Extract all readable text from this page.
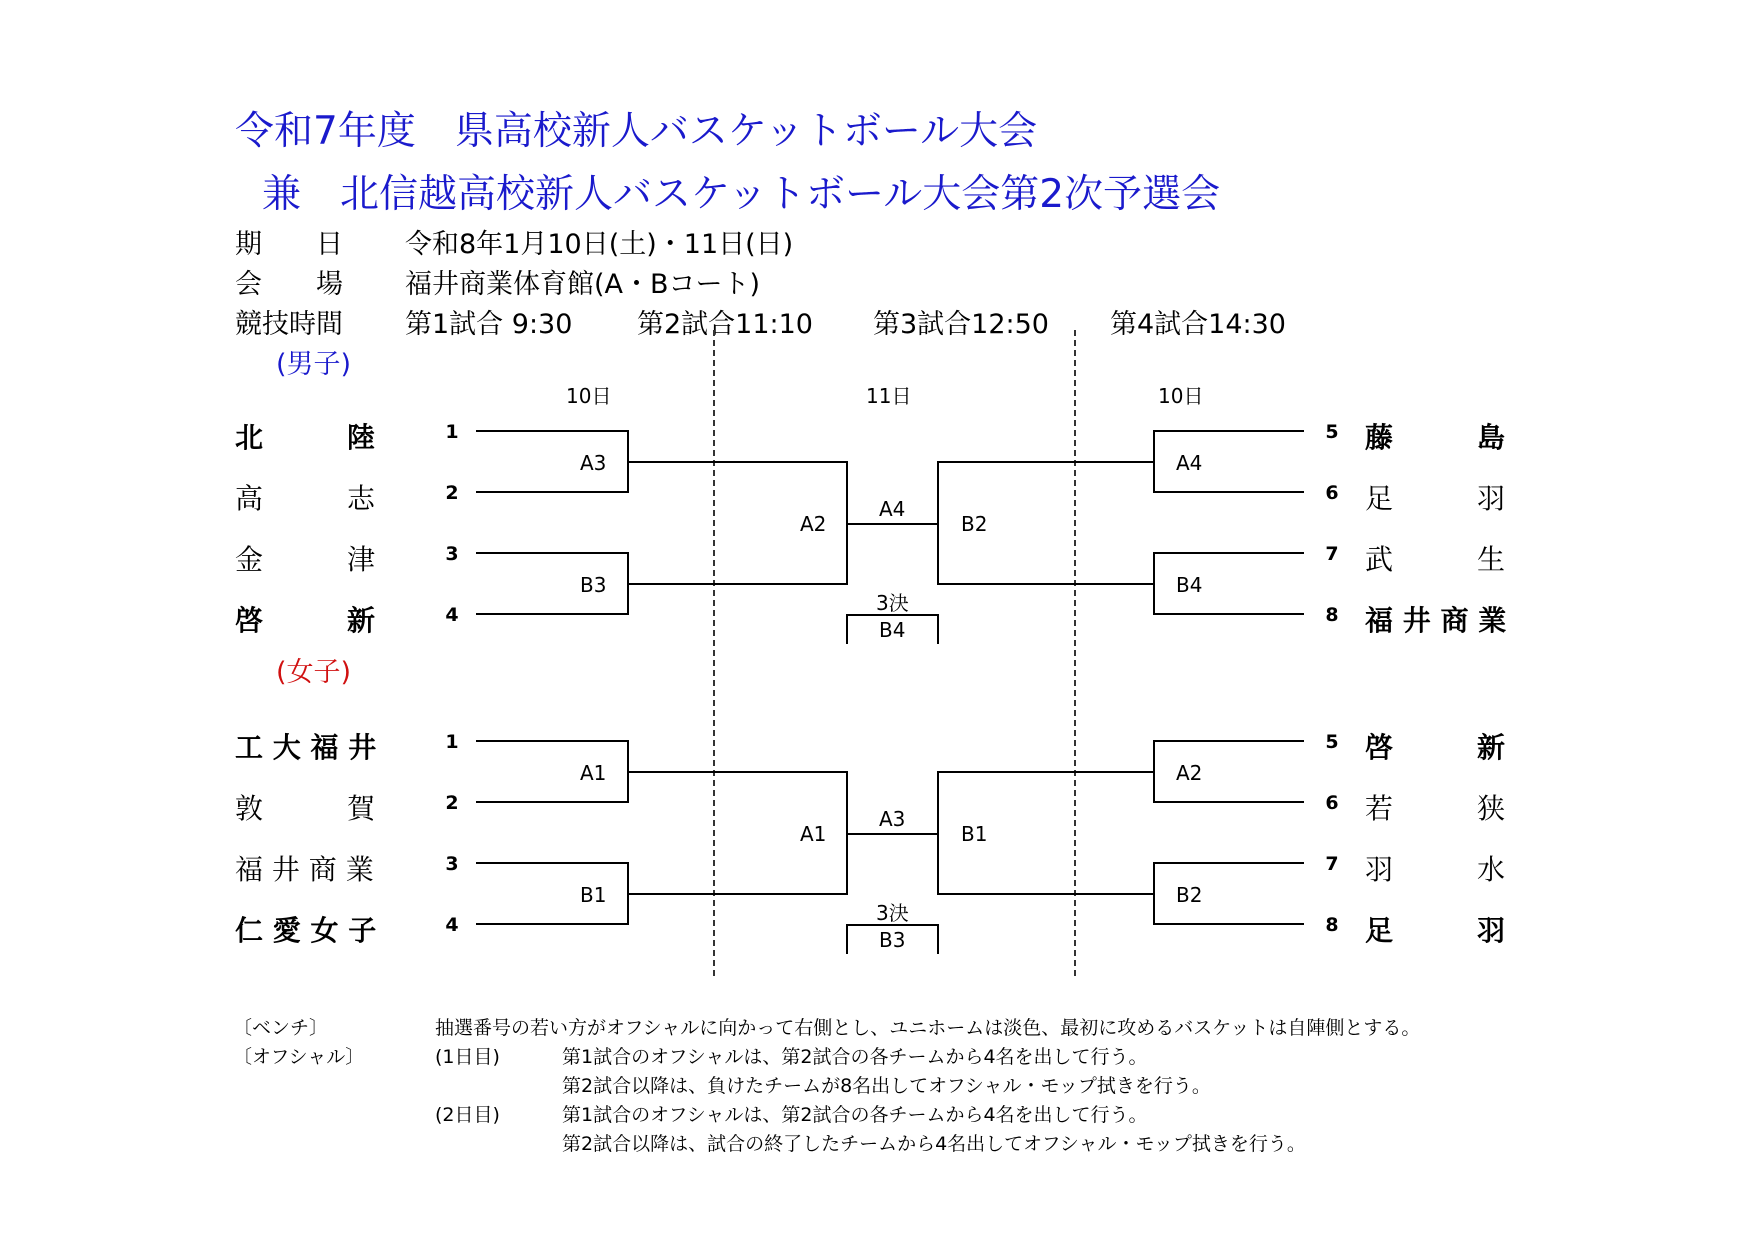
令和7年度　県高校新人バスケットボール大会
兼　北信越高校新人バスケットボール大会第2次予選会
期　　日 令和8年1月10日(土)・11日(日)
会　　場 福井商業体育館(A・Bコート)
競技時間 第1試合 9:30 第2試合11:10 第3試合12:50 第4試合14:30
(男子)
(女子)
10日	11日	10日
北　　　陸
高　　　志
金　　　津
啓　　　新
1
2
3
4
5
6
7
8
藤　　　島
足　　　羽
武　　　生
福 井 商 業
A3
B3
A2
A4
B2
A4
B4
3決
B4
工 大 福 井
敦　　　賀
福 井 商 業
仁 愛 女 子
1
2
3
4
5
6
7
8
啓　　　新
若　　　狭
羽　　　水
足　　　羽
A1
B1
A1
A3
B1
A2
B2
3決
B3
〔ベンチ〕	抽選番号の若い方がオフシャルに向かって右側とし、ユニホームは淡色、最初に攻めるバスケットは自陣側とする。
〔オフシャル〕	(1日目)	第1試合のオフシャルは、第2試合の各チームから4名を出して行う。
第2試合以降は、負けたチームが8名出してオフシャル・モップ拭きを行う。
(2日目)	第1試合のオフシャルは、第2試合の各チームから4名を出して行う。
第2試合以降は、試合の終了したチームから4名出してオフシャル・モップ拭きを行う。
